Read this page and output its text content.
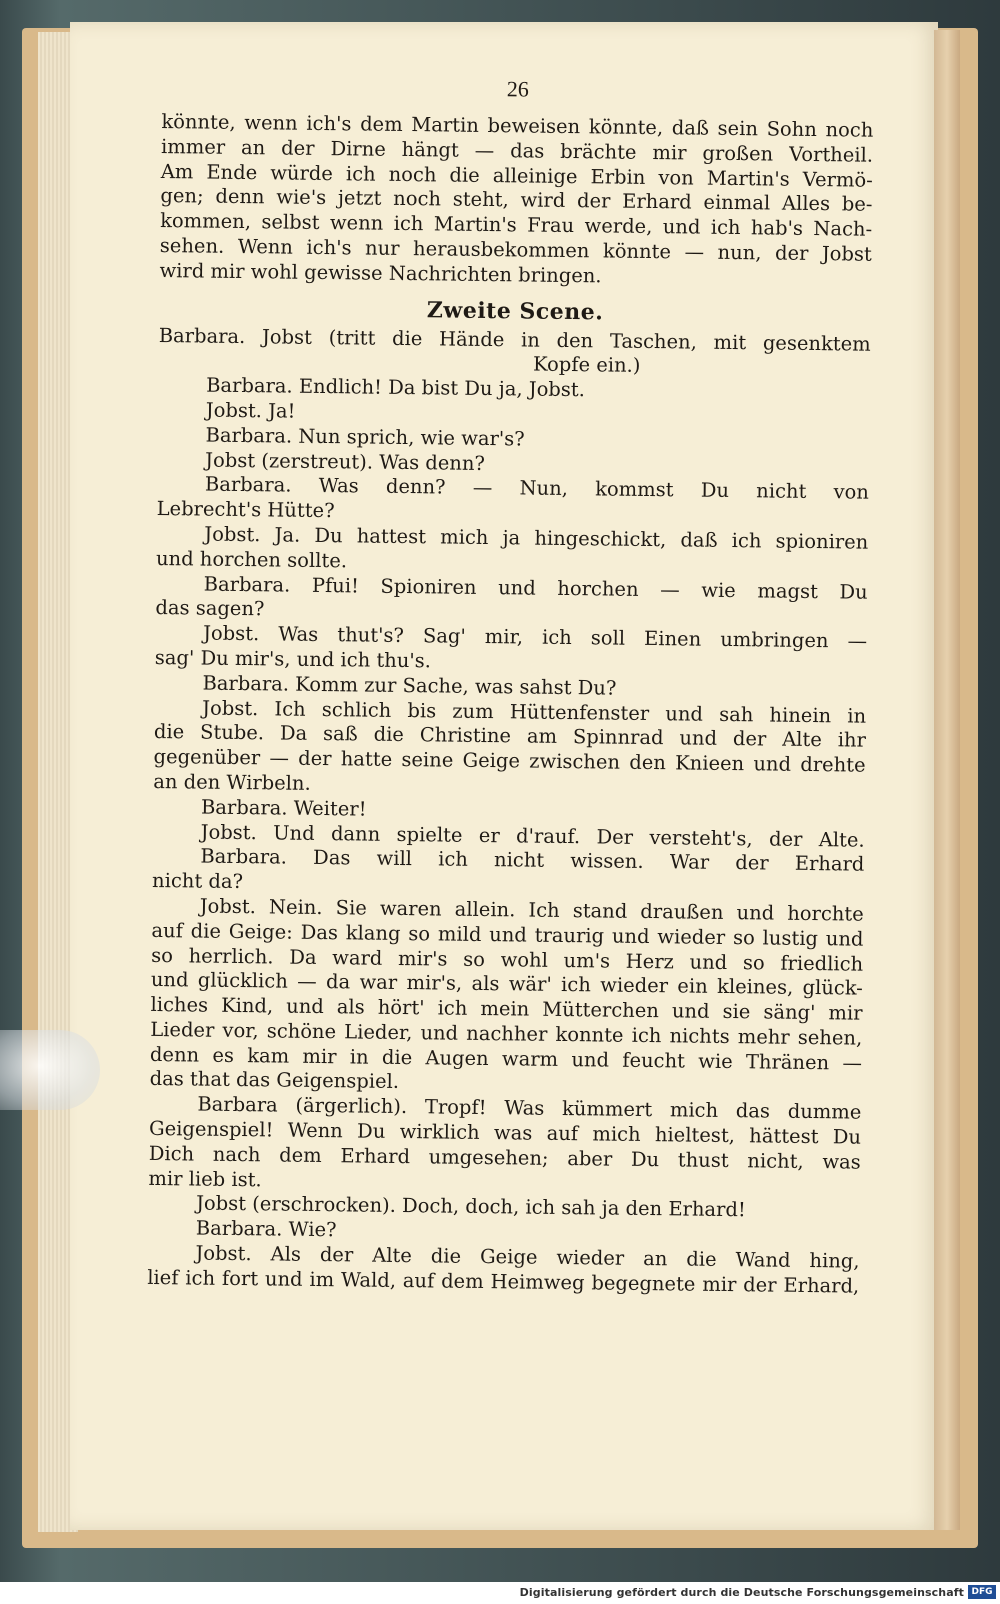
26
könnte, wenn ich's dem Martin beweisen könnte, daß sein Sohn noch
immer an der Dirne hängt — das brächte mir großen Vortheil.
Am Ende würde ich noch die alleinige Erbin von Martin's Vermö-
gen; denn wie's jetzt noch steht, wird der Erhard einmal Alles be-
kommen, selbst wenn ich Martin's Frau werde, und ich hab's Nach-
sehen. Wenn ich's nur herausbekommen könnte — nun, der Jobst
wird mir wohl gewisse Nachrichten bringen.
Zweite Scene.
Barbara. Jobst (tritt die Hände in den Taschen, mit gesenktem
Kopfe ein.)
Barbara. Endlich! Da bist Du ja, Jobst.
Jobst. Ja!
Barbara. Nun sprich, wie war's?
Jobst (zerstreut). Was denn?
Barbara. Was denn? — Nun, kommst Du nicht von
Lebrecht's Hütte?
Jobst. Ja. Du hattest mich ja hingeschickt, daß ich spioniren
und horchen sollte.
Barbara. Pfui! Spioniren und horchen — wie magst Du
das sagen?
Jobst. Was thut's? Sag' mir, ich soll Einen umbringen —
sag' Du mir's, und ich thu's.
Barbara. Komm zur Sache, was sahst Du?
Jobst. Ich schlich bis zum Hüttenfenster und sah hinein in
die Stube. Da saß die Christine am Spinnrad und der Alte ihr
gegenüber — der hatte seine Geige zwischen den Knieen und drehte
an den Wirbeln.
Barbara. Weiter!
Jobst. Und dann spielte er d'rauf. Der versteht's, der Alte.
Barbara. Das will ich nicht wissen. War der Erhard
nicht da?
Jobst. Nein. Sie waren allein. Ich stand draußen und horchte
auf die Geige: Das klang so mild und traurig und wieder so lustig und
so herrlich. Da ward mir's so wohl um's Herz und so friedlich
und glücklich — da war mir's, als wär' ich wieder ein kleines, glück-
liches Kind, und als hört' ich mein Mütterchen und sie säng' mir
Lieder vor, schöne Lieder, und nachher konnte ich nichts mehr sehen,
denn es kam mir in die Augen warm und feucht wie Thränen —
das that das Geigenspiel.
Barbara (ärgerlich). Tropf! Was kümmert mich das dumme
Geigenspiel! Wenn Du wirklich was auf mich hieltest, hättest Du
Dich nach dem Erhard umgesehen; aber Du thust nicht, was
mir lieb ist.
Jobst (erschrocken). Doch, doch, ich sah ja den Erhard!
Barbara. Wie?
Jobst. Als der Alte die Geige wieder an die Wand hing,
lief ich fort und im Wald, auf dem Heimweg begegnete mir der Erhard,
Digitalisierung gefördert durch die Deutsche Forschungsgemeinschaft DFG
